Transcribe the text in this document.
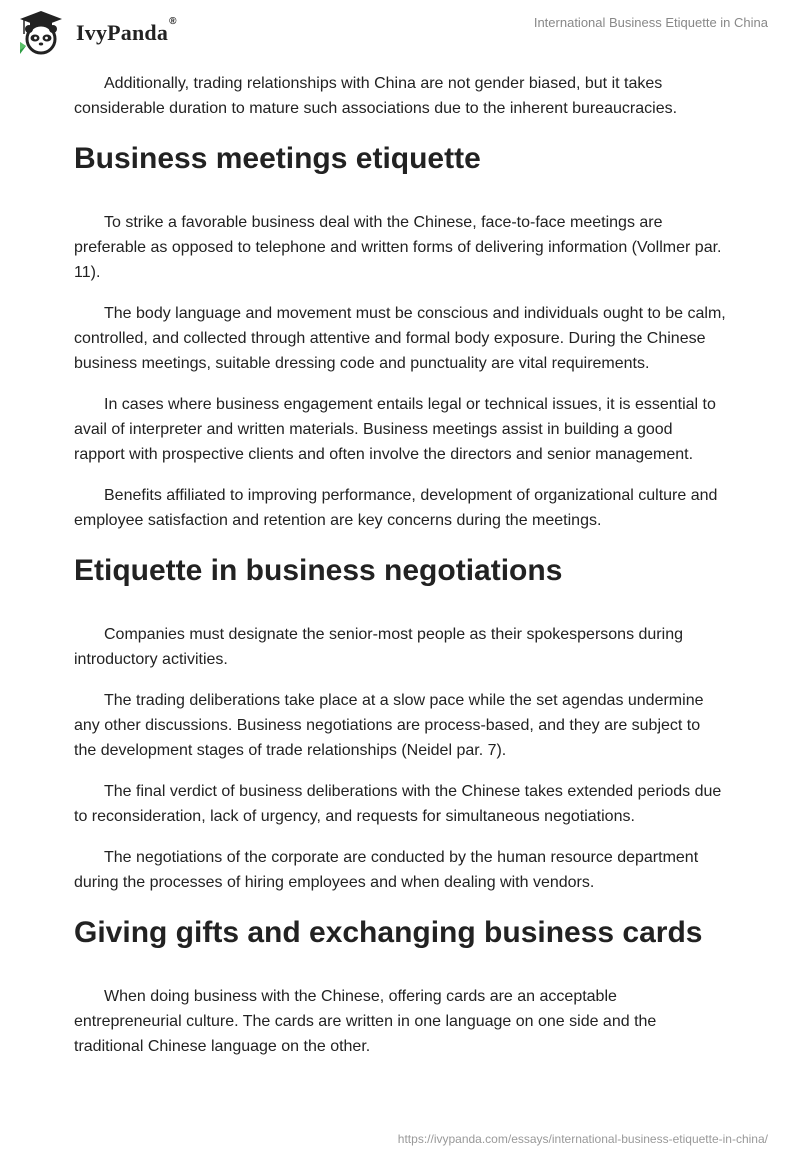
IvyPanda®	International Business Etiquette in China

Additionally, trading relationships with China are not gender biased, but it takes considerable duration to mature such associations due to the inherent bureaucracies.

Business meetings etiquette

To strike a favorable business deal with the Chinese, face-to-face meetings are preferable as opposed to telephone and written forms of delivering information (Vollmer par. 11).

The body language and movement must be conscious and individuals ought to be calm, controlled, and collected through attentive and formal body exposure. During the Chinese business meetings, suitable dressing code and punctuality are vital requirements.

In cases where business engagement entails legal or technical issues, it is essential to avail of interpreter and written materials. Business meetings assist in building a good rapport with prospective clients and often involve the directors and senior management.

Benefits affiliated to improving performance, development of organizational culture and employee satisfaction and retention are key concerns during the meetings.

Etiquette in business negotiations

Companies must designate the senior-most people as their spokespersons during introductory activities.

The trading deliberations take place at a slow pace while the set agendas undermine any other discussions. Business negotiations are process-based, and they are subject to the development stages of trade relationships (Neidel par. 7).

The final verdict of business deliberations with the Chinese takes extended periods due to reconsideration, lack of urgency, and requests for simultaneous negotiations.

The negotiations of the corporate are conducted by the human resource department during the processes of hiring employees and when dealing with vendors.

Giving gifts and exchanging business cards

When doing business with the Chinese, offering cards are an acceptable entrepreneurial culture. The cards are written in one language on one side and the traditional Chinese language on the other.

https://ivypanda.com/essays/international-business-etiquette-in-china/
